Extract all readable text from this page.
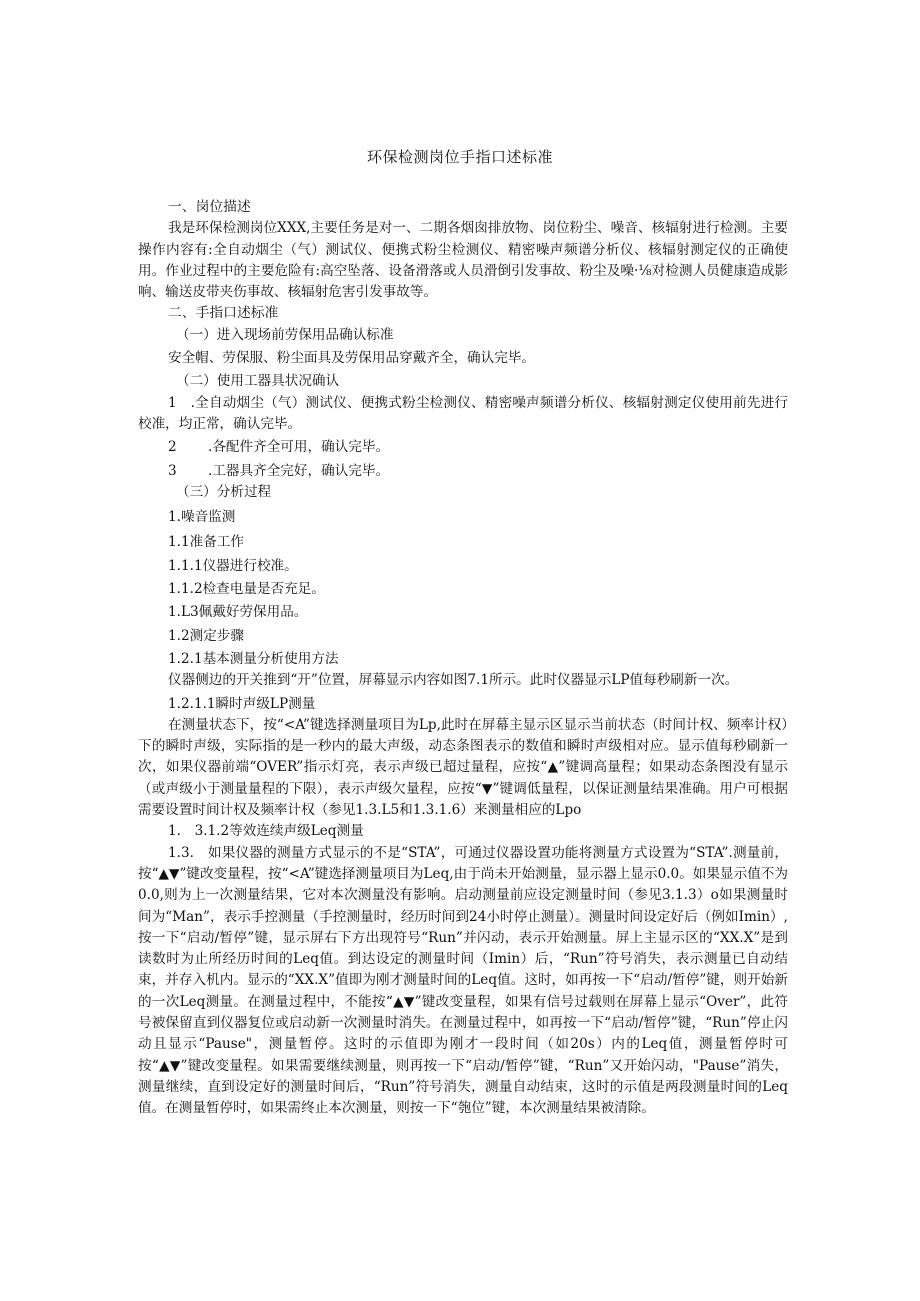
环保检测岗位手指口述标准

一、岗位描述

我是环保检测岗位XXX,主要任务是对一、二期各烟囱排放物、岗位粉尘、噪音、核辐射进行检测。主要操作内容有:全自动烟尘（气）测试仪、便携式粉尘检测仪、精密噪声频谱分析仪、核辐射测定仪的正确使用。作业过程中的主要危险有:高空坠落、设备滑落或人员滑倒引发事故、粉尘及噪·⅛对检测人员健康造成影响、输送皮带夹伤事故、核辐射危害引发事故等。

二、手指口述标准

（一）进入现场前劳保用品确认标准

安全帽、劳保服、粉尘面具及劳保用品穿戴齐全，确认完毕。

（二）使用工器具状况确认

1　.全自动烟尘（气）测试仪、便携式粉尘检测仪、精密噪声频谱分析仪、核辐射测定仪使用前先进行校准，均正常，确认完毕。

2 .各配件齐全可用，确认完毕。

3 .工器具齐全完好，确认完毕。

（三）分析过程

1.噪音监测

1.1准备工作

1.1.1仪器进行校准。

1.1.2检查电量是否充足。

1.L3佩戴好劳保用品。

1.2测定步骤

1.2.1基本测量分析使用方法

仪器侧边的开关推到“开”位置，屏幕显示内容如图7.1所示。此时仪器显示LP值每秒刷新一次。

1.2.1.1瞬时声级LP测量

在测量状态下，按“<A”键选择测量项目为Lp,此时在屏幕主显示区显示当前状态（时间计权、频率计权）下的瞬时声级，实际指的是一秒内的最大声级，动态条图表示的数值和瞬时声级相对应。显示值每秒刷新一次，如果仪器前端“OVER”指示灯亮，表示声级已超过量程，应按“▲”键调高量程；如果动态条图没有显示（或声级小于测量量程的下限），表示声级欠量程，应按“▼”键调低量程，以保证测量结果准确。用户可根据需要设置时间计权及频率计权（参见1.3.L5和1.3.1.6）来测量相应的Lpo

1.　3.1.2等效连续声级Leq测量

1.3.　如果仪器的测量方式显示的不是“STA”，可通过仪器设置功能将测量方式设置为“STA”.测量前，按“▲▼”键改变量程，按“<A”键选择测量项目为Leq,由于尚未开始测量，显示器上显示0.0。如果显示值不为0.0,则为上一次测量结果，它对本次测量没有影响。启动测量前应设定测量时间（参见3.1.3）o如果测量时间为“Man”，表示手控测量（手控测量时，经历时间到24小时停止测量）。测量时间设定好后（例如Imin）,按一下“启动/暂停”键，显示屏右下方出现符号“Run”并闪动，表示开始测量。屏上主显示区的“XX.X”是到读数时为止所经历时间的Leq值。到达设定的测量时间（Imin）后，“Run”符号消失，表示测量已自动结束，并存入机内。显示的“XX.X”值即为刚才测量时间的Leq值。这时，如再按一下“启动/暂停”键，则开始新的一次Leq测量。在测量过程中，不能按“▲▼”键改变量程，如果有信号过载则在屏幕上显示“Over”，此符号被保留直到仪器复位或启动新一次测量时消失。在测量过程中，如再按一下“启动/暂停”键，“Run”停止闪动且显示“Pause"，测量暂停。这时的示值即为刚才一段时间（如20s）内的Leq值，测量暂停时可按“▲▼”键改变量程。如果需要继续测量，则再按一下“启动/暂停”键，“Run”又开始闪动，"Pause”消失，测量继续，直到设定好的测量时间后，“Run”符号消失，测量自动结束，这时的示值是两段测量时间的Leq值。在测量暂停时，如果需终止本次测量，则按一下“匏位”键，本次测量结果被清除。
